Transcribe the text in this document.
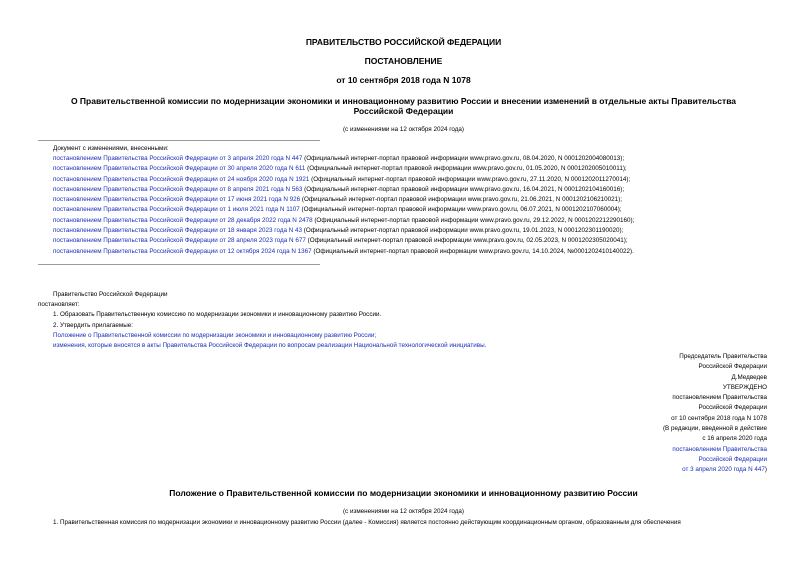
ПРАВИТЕЛЬСТВО РОССИЙСКОЙ ФЕДЕРАЦИИ
ПОСТАНОВЛЕНИЕ
от 10 сентября 2018 года N 1078
О Правительственной комиссии по модернизации экономики и инновационному развитию России и внесении изменений в отдельные акты Правительства
Российской Федерации
(с изменениями на 12 октября 2024 года)
Документ с изменениями, внесенными:
постановлением Правительства Российской Федерации от 3 апреля 2020 года N 447 (Официальный интернет-портал правовой информации www.pravo.gov.ru, 08.04.2020, N 0001202004080013);
постановлением Правительства Российской Федерации от 30 апреля 2020 года N 611 (Официальный интернет-портал правовой информации www.pravo.gov.ru, 01.05.2020, N 0001202005010011);
постановлением Правительства Российской Федерации от 24 ноября 2020 года N 1921 (Официальный интернет-портал правовой информации www.pravo.gov.ru, 27.11.2020, N 0001202011270014);
постановлением Правительства Российской Федерации от 8 апреля 2021 года N 563 (Официальный интернет-портал правовой информации www.pravo.gov.ru, 16.04.2021, N 0001202104160016);
постановлением Правительства Российской Федерации от 17 июня 2021 года N 926 (Официальный интернет-портал правовой информации www.pravo.gov.ru, 21.06.2021, N 0001202106210021);
постановлением Правительства Российской Федерации от 1 июля 2021 года N 1107 (Официальный интернет-портал правовой информации www.pravo.gov.ru, 06.07.2021, N 0001202107060004);
постановлением Правительства Российской Федерации от 28 декабря 2022 года N 2478 (Официальный интернет-портал правовой информации www.pravo.gov.ru, 29.12.2022, N 0001202212290160);
постановлением Правительства Российской Федерации от 18 января 2023 года N 43 (Официальный интернет-портал правовой информации www.pravo.gov.ru, 19.01.2023, N 0001202301190020);
постановлением Правительства Российской Федерации от 28 апреля 2023 года N 677 (Официальный интернет-портал правовой информации www.pravo.gov.ru, 02.05.2023, N 0001202305020041);
постановлением Правительства Российской Федерации от 12 октября 2024 года N 1367 (Официальный интернет-портал правовой информации www.pravo.gov.ru, 14.10.2024, №0001202410140022).
Правительство Российской Федерации
постановляет:
1. Образовать Правительственную комиссию по модернизации экономики и инновационному развитию России.
2. Утвердить прилагаемые:
Положение о Правительственной комиссии по модернизации экономики и инновационному развитию России;
изменения, которые вносятся в акты Правительства Российской Федерации по вопросам реализации Национальной технологической инициативы.
Председатель Правительства
Российской Федерации
Д.Медведев
УТВЕРЖДЕНО
постановлением Правительства
Российской Федерации
от 10 сентября 2018 года N 1078
(В редакции, введенной в действие
с 16 апреля 2020 года
постановлением Правительства
Российской Федерации
от 3 апреля 2020 года N 447)
Положение о Правительственной комиссии по модернизации экономики и инновационному развитию России
(с изменениями на 12 октября 2024 года)
1. Правительственная комиссия по модернизации экономики и инновационному развитию России (далее - Комиссия) является постоянно действующим координационным органом, образованным для обеспечения
